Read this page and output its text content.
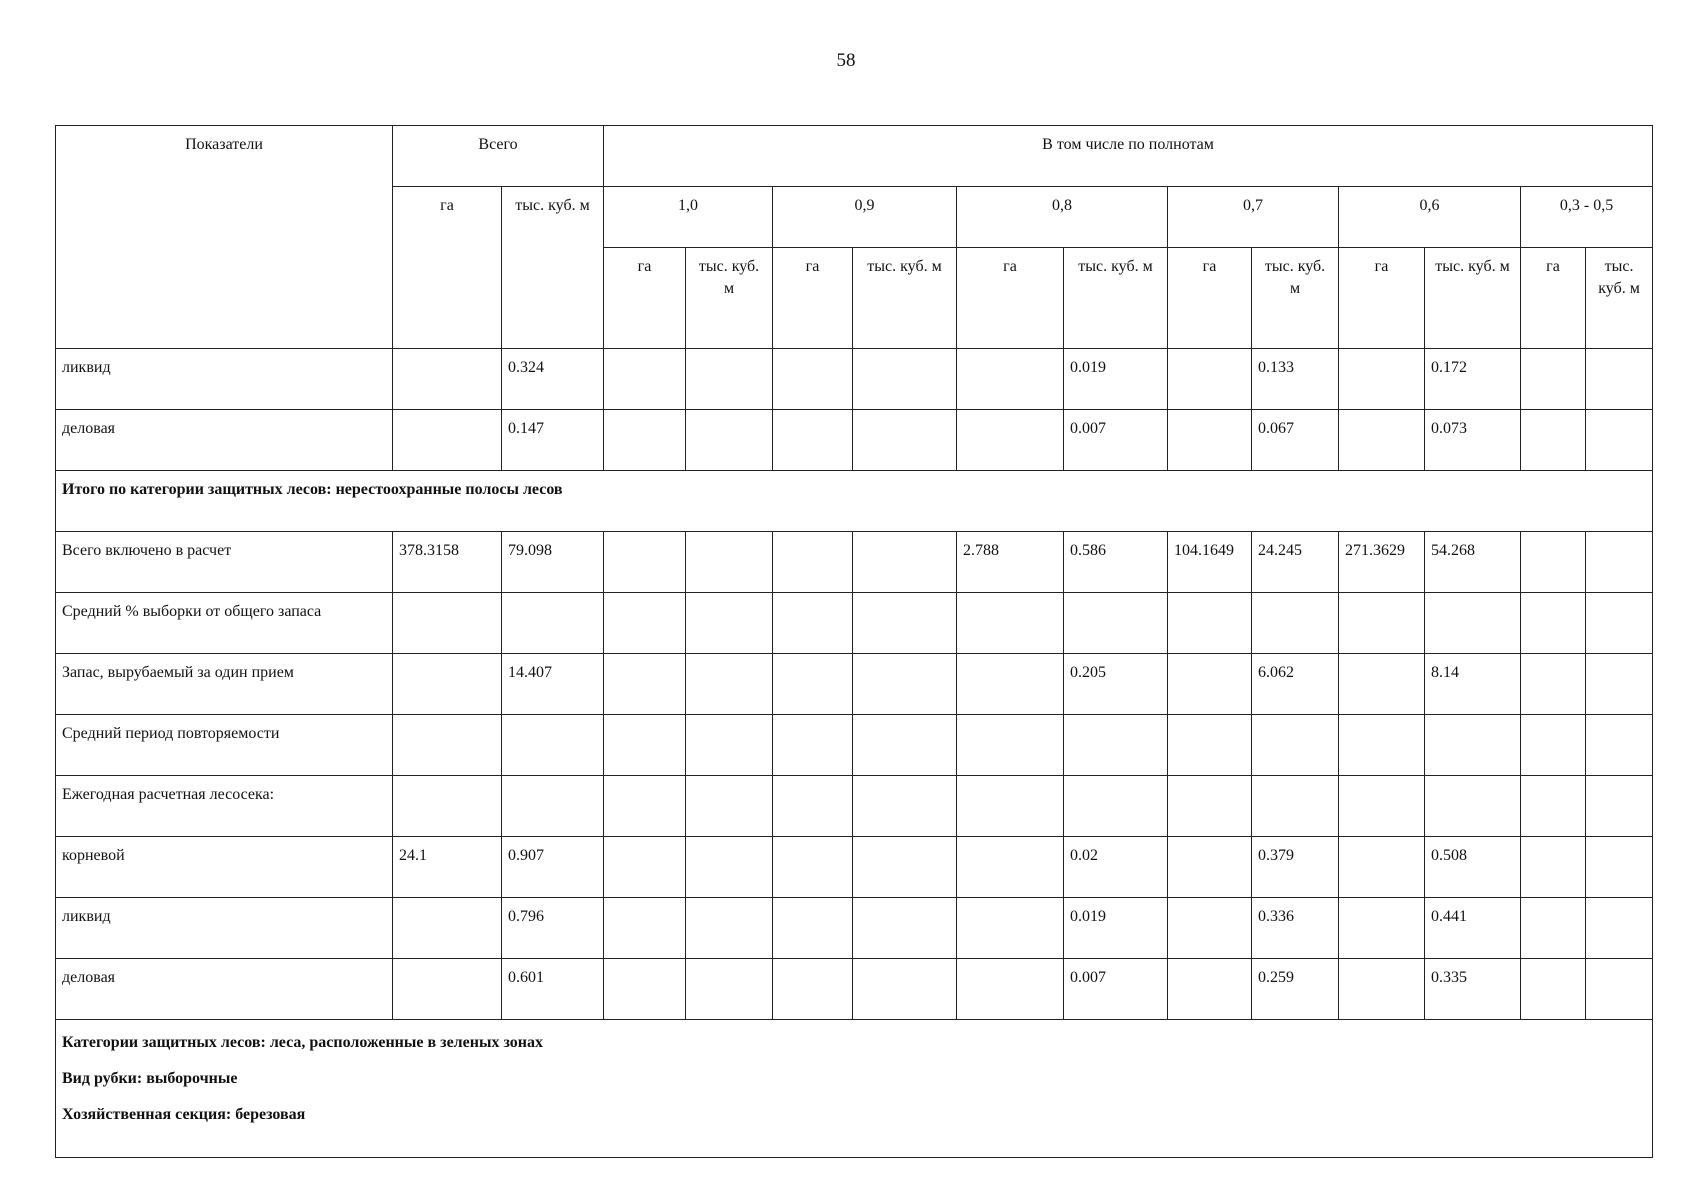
58
Показатели	Всего		В том числе по полнотам											
	га	тыс. куб. м	1,0		0,9		0,8		0,7		0,6		0,3 - 0,5	
			га	тыс. куб. м	га	тыс. куб. м	га	тыс. куб. м	га	тыс. куб. м	га	тыс. куб. м	га	тыс. куб. м
ликвид		0.324						0.019		0.133		0.172		
деловая		0.147						0.007		0.067		0.073		
Итого по категории защитных лесов: нерестоохранные полосы лесов														
Всего включено в расчет	378.3158	79.098					2.788	0.586	104.1649	24.245	271.3629	54.268		
Средний % выборки от общего запаса														
Запас, вырубаемый за один прием		14.407						0.205		6.062		8.14		
Средний период повторяемости														
Ежегодная расчетная лесосека:														
корневой	24.1	0.907						0.02		0.379		0.508		
ликвид		0.796						0.019		0.336		0.441		
деловая		0.601						0.007		0.259		0.335		

Категории защитных лесов: леса, расположенные в зеленых зонах
Вид рубки: выборочные
Хозяйственная секция: березовая														
